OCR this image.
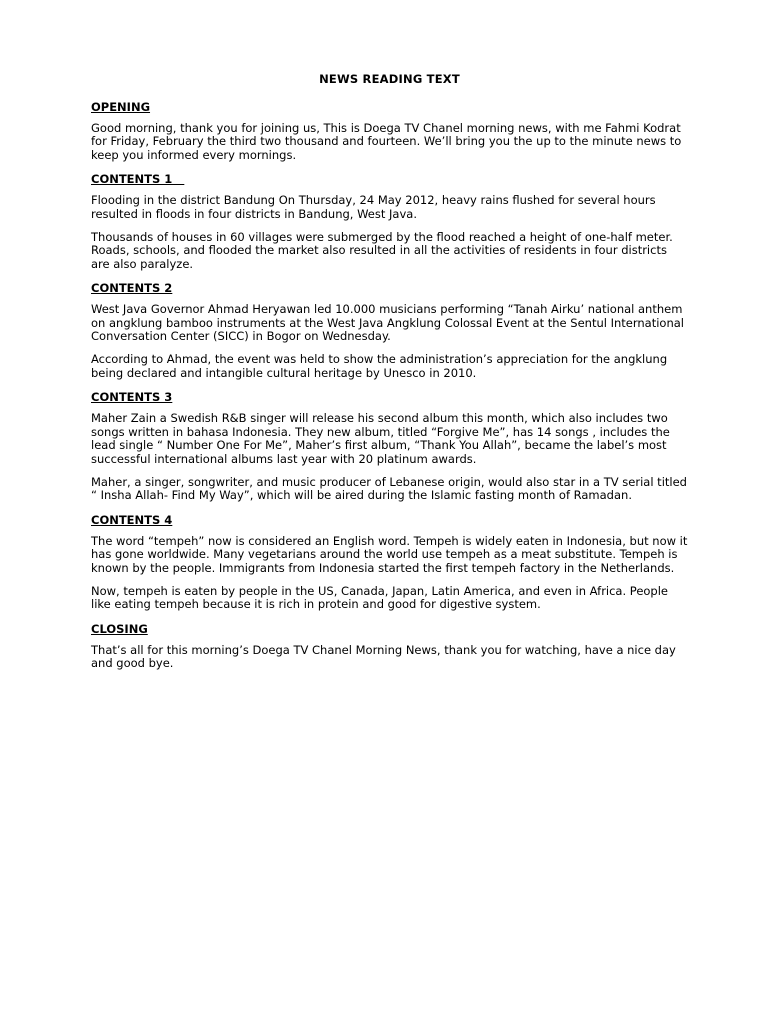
NEWS READING TEXT
OPENING

Good morning, thank you for joining us, This is Doega TV Chanel morning news, with me Fahmi Kodrat for Friday, February the third two thousand and fourteen. We’ll bring you the up to the minute news to keep you informed every mornings.

CONTENTS 1

Flooding in the district Bandung On Thursday, 24 May 2012, heavy rains flushed for several hours resulted in floods in four districts in Bandung, West Java.

Thousands of houses in 60 villages were submerged by the flood reached a height of one-half meter. Roads, schools, and flooded the market also resulted in all the activities of residents in four districts are also paralyze.

CONTENTS 2

West Java Governor Ahmad Heryawan led 10.000 musicians performing “Tanah Airku’ national anthem on angklung bamboo instruments at the West Java Angklung Colossal Event at the Sentul International Conversation Center (SICC) in Bogor on Wednesday.

According to Ahmad, the event was held to show the administration’s appreciation for the angklung being declared and intangible cultural heritage by Unesco in 2010.

CONTENTS 3

Maher Zain a Swedish R&B singer will release his second album this month, which also includes two songs written in bahasa Indonesia. They new album, titled “Forgive Me”, has 14 songs , includes the lead single “ Number One For Me”, Maher’s first album, “Thank You Allah”, became the label’s most successful international albums last year with 20 platinum awards.

Maher, a singer, songwriter, and music producer of Lebanese origin, would also star in a TV serial titled “ Insha Allah- Find My Way”, which will be aired during the Islamic fasting month of Ramadan.

CONTENTS 4

The word “tempeh” now is considered an English word. Tempeh is widely eaten in Indonesia, but now it has gone worldwide. Many vegetarians around the world use tempeh as a meat substitute. Tempeh is known by the people. Immigrants from Indonesia started the first tempeh factory in the Netherlands.

Now, tempeh is eaten by people in the US, Canada, Japan, Latin America, and even in Africa. People like eating tempeh because it is rich in protein and good for digestive system.

CLOSING

That’s all for this morning’s Doega TV Chanel Morning News, thank you for watching, have a nice day and good bye.
